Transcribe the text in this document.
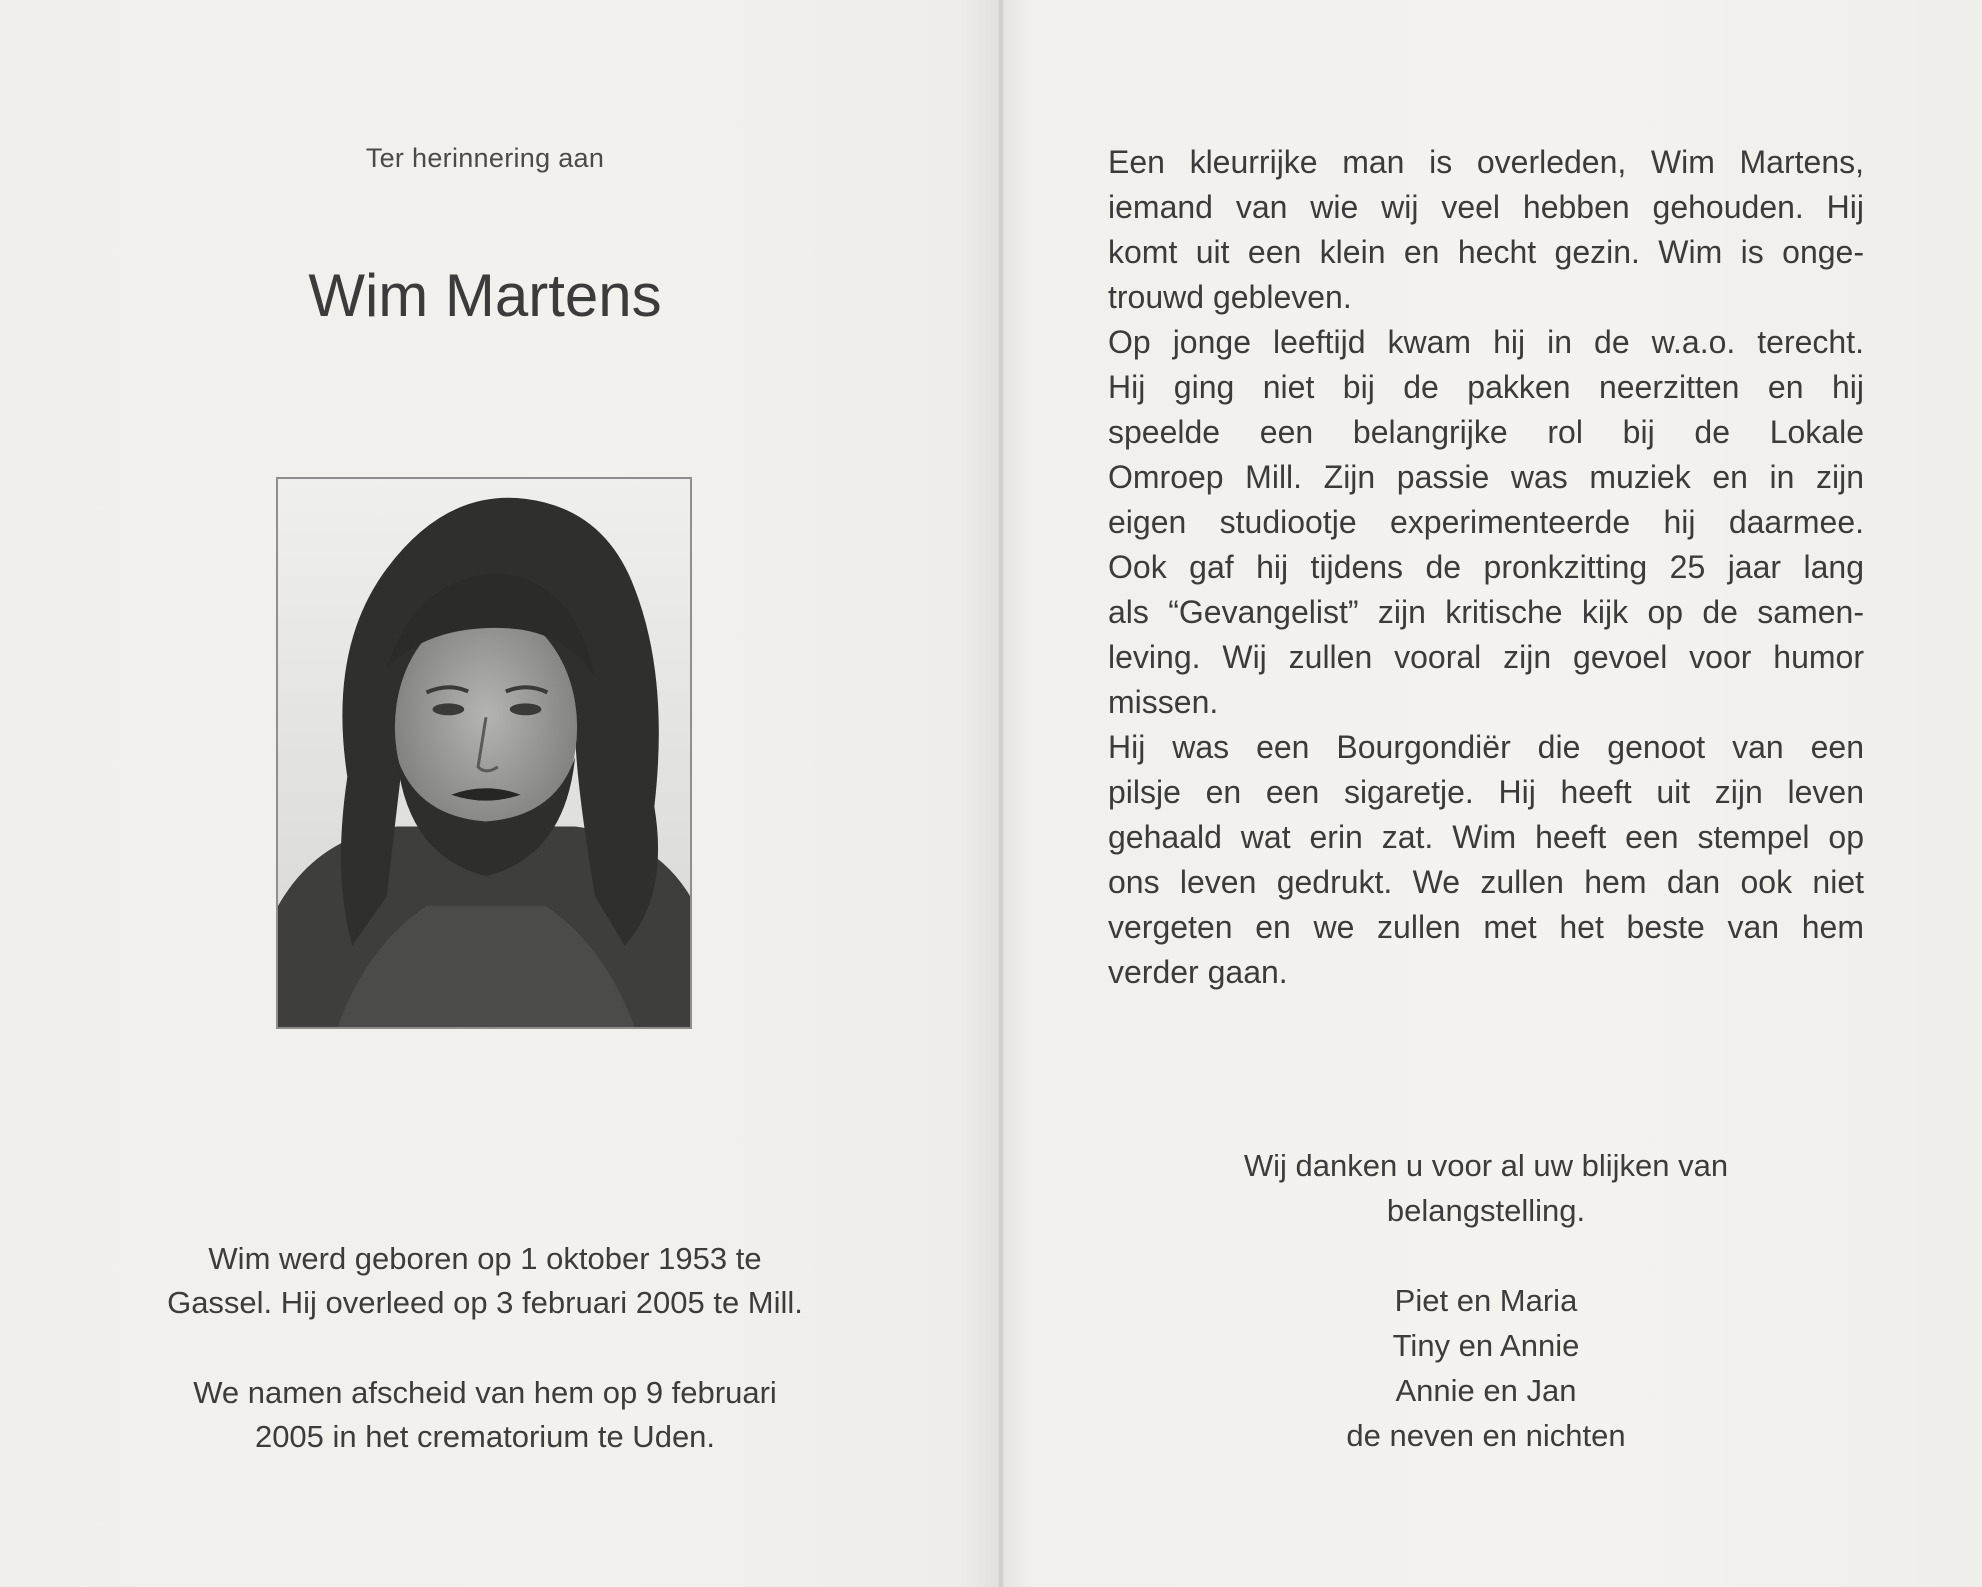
Ter herinnering aan
Wim Martens
Wim werd geboren op 1 oktober 1953 te
Gassel. Hij overleed op 3 februari 2005 te Mill.
We namen afscheid van hem op 9 februari
2005 in het crematorium te Uden.
Een kleurrijke man is overleden, Wim Martens,
iemand van wie wij veel hebben gehouden. Hij
komt uit een klein en hecht gezin. Wim is onge-
trouwd gebleven.
Op jonge leeftijd kwam hij in de w.a.o. terecht.
Hij ging niet bij de pakken neerzitten en hij
speelde een belangrijke rol bij de Lokale
Omroep Mill. Zijn passie was muziek en in zijn
eigen studiootje experimenteerde hij daarmee.
Ook gaf hij tijdens de pronkzitting 25 jaar lang
als “Gevangelist” zijn kritische kijk op de samen-
leving. Wij zullen vooral zijn gevoel voor humor
missen.
Hij was een Bourgondiër die genoot van een
pilsje en een sigaretje. Hij heeft uit zijn leven
gehaald wat erin zat. Wim heeft een stempel op
ons leven gedrukt. We zullen hem dan ook niet
vergeten en we zullen met het beste van hem
verder gaan.
Wij danken u voor al uw blijken van
belangstelling.
Piet en Maria
Tiny en Annie
Annie en Jan
de neven en nichten
